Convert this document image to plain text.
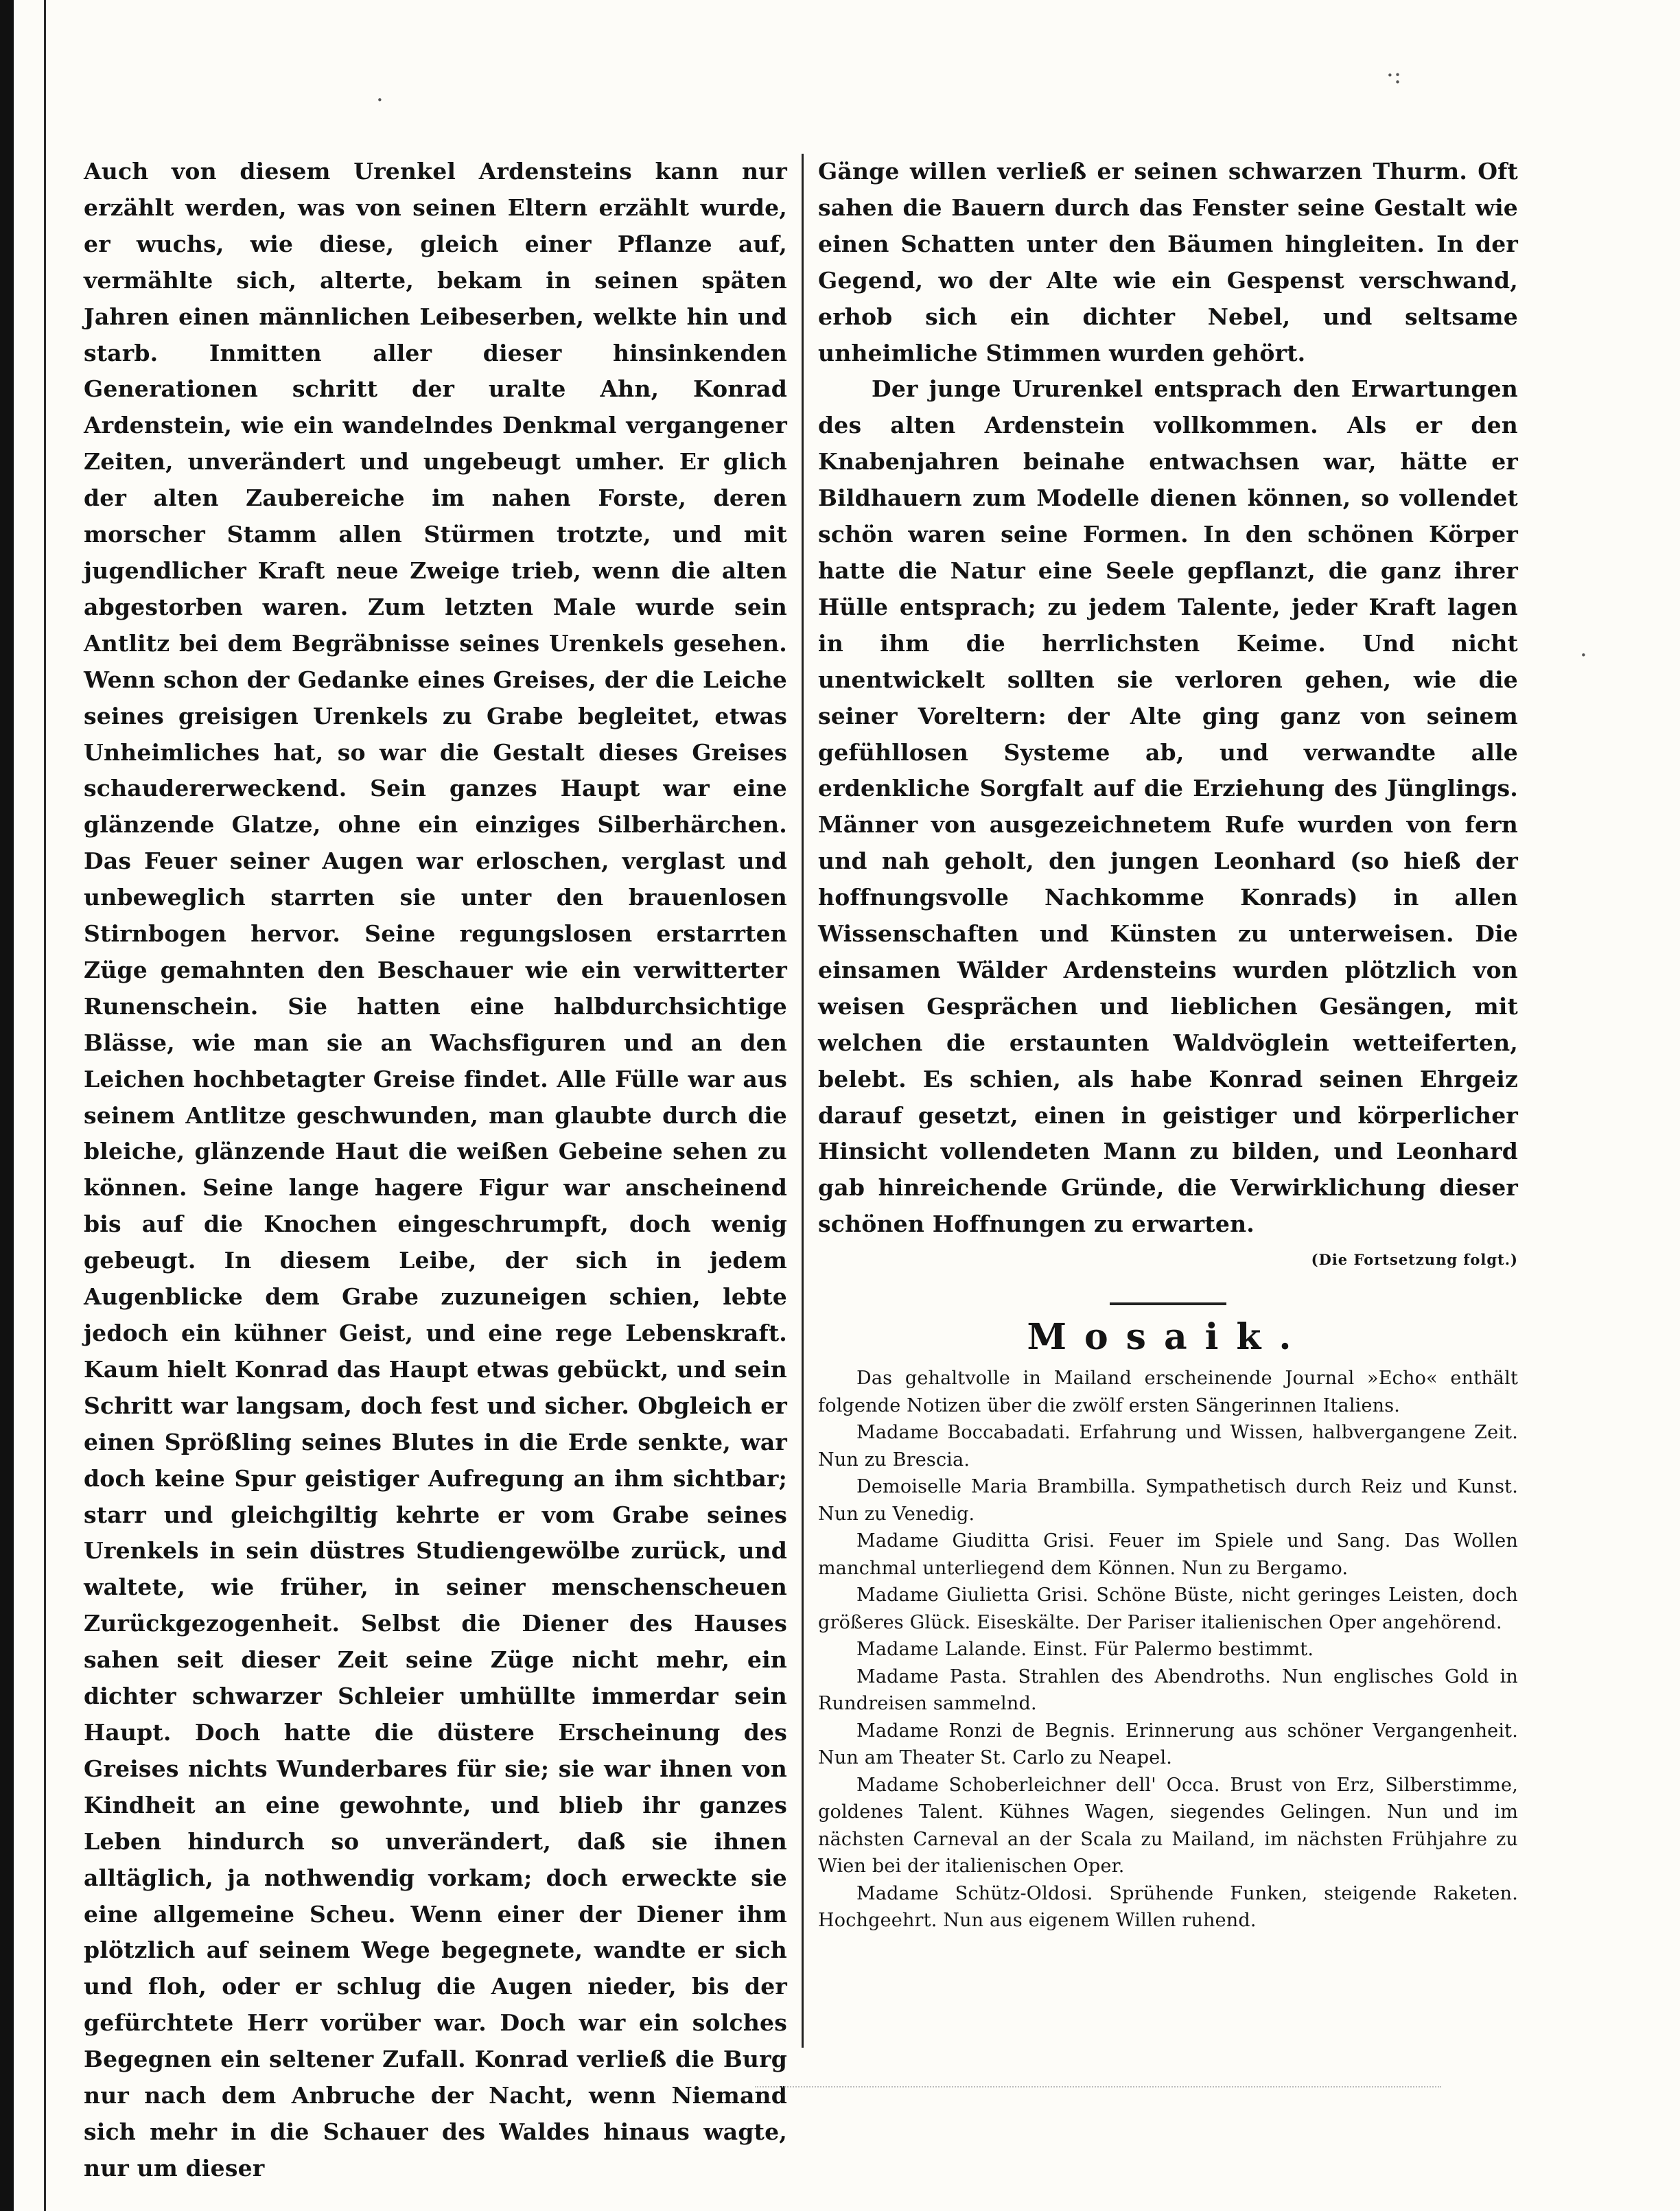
·
·:
·

Auch von diesem Urenkel Ardensteins kann nur erzählt werden, was von seinen Eltern erzählt wurde, er wuchs, wie diese, gleich einer Pflanze auf, vermählte sich, alterte, bekam in seinen späten Jahren einen männlichen Leibeserben, welkte hin und starb. Inmitten aller dieser hinsinkenden Generationen schritt der uralte Ahn, Konrad Ardenstein, wie ein wandelndes Denkmal vergangener Zeiten, unverändert und ungebeugt umher. Er glich der alten Zaubereiche im nahen Forste, deren morscher Stamm allen Stürmen trotzte, und mit jugendlicher Kraft neue Zweige trieb, wenn die alten abgestorben waren. Zum letzten Male wurde sein Antlitz bei dem Begräbnisse seines Urenkels gesehen. Wenn schon der Gedanke eines Greises, der die Leiche seines greisigen Urenkels zu Grabe begleitet, etwas Unheimliches hat, so war die Gestalt dieses Greises schaudererweckend. Sein ganzes Haupt war eine glänzende Glatze, ohne ein einziges Silberhärchen. Das Feuer seiner Augen war erloschen, verglast und unbeweglich starrten sie unter den brauenlosen Stirnbogen hervor. Seine regungslosen erstarrten Züge gemahnten den Beschauer wie ein verwitterter Runenschein. Sie hatten eine halbdurchsichtige Blässe, wie man sie an Wachsfiguren und an den Leichen hochbetagter Greise findet. Alle Fülle war aus seinem Antlitze geschwunden, man glaubte durch die bleiche, glänzende Haut die weißen Gebeine sehen zu können. Seine lange hagere Figur war anscheinend bis auf die Knochen eingeschrumpft, doch wenig gebeugt. In diesem Leibe, der sich in jedem Augenblicke dem Grabe zuzuneigen schien, lebte jedoch ein kühner Geist, und eine rege Lebenskraft. Kaum hielt Konrad das Haupt etwas gebückt, und sein Schritt war langsam, doch fest und sicher. Obgleich er einen Sprößling seines Blutes in die Erde senkte, war doch keine Spur geistiger Aufregung an ihm sichtbar; starr und gleichgiltig kehrte er vom Grabe seines Urenkels in sein düstres Studiengewölbe zurück, und waltete, wie früher, in seiner menschenscheuen Zurückgezogenheit. Selbst die Diener des Hauses sahen seit dieser Zeit seine Züge nicht mehr, ein dichter schwarzer Schleier umhüllte immerdar sein Haupt. Doch hatte die düstere Erscheinung des Greises nichts Wunderbares für sie; sie war ihnen von Kindheit an eine gewohnte, und blieb ihr ganzes Leben hindurch so unverändert, daß sie ihnen alltäglich, ja nothwendig vorkam; doch erweckte sie eine allgemeine Scheu. Wenn einer der Diener ihm plötzlich auf seinem Wege begegnete, wandte er sich und floh, oder er schlug die Augen nieder, bis der gefürchtete Herr vorüber war. Doch war ein solches Begegnen ein seltener Zufall. Konrad verließ die Burg nur nach dem Anbruche der Nacht, wenn Niemand sich mehr in die Schauer des Waldes hinaus wagte, nur um dieser

Gänge willen verließ er seinen schwarzen Thurm. Oft sahen die Bauern durch das Fenster seine Gestalt wie einen Schatten unter den Bäumen hingleiten. In der Gegend, wo der Alte wie ein Gespenst verschwand, erhob sich ein dichter Nebel, und seltsame unheimliche Stimmen wurden gehört.

Der junge Ururenkel entsprach den Erwartungen des alten Ardenstein vollkommen. Als er den Knabenjahren beinahe entwachsen war, hätte er Bildhauern zum Modelle dienen können, so vollendet schön waren seine Formen. In den schönen Körper hatte die Natur eine Seele gepflanzt, die ganz ihrer Hülle entsprach; zu jedem Talente, jeder Kraft lagen in ihm die herrlichsten Keime. Und nicht unentwickelt sollten sie verloren gehen, wie die seiner Voreltern: der Alte ging ganz von seinem gefühllosen Systeme ab, und verwandte alle erdenkliche Sorgfalt auf die Erziehung des Jünglings. Männer von ausgezeichnetem Rufe wurden von fern und nah geholt, den jungen Leonhard (so hieß der hoffnungsvolle Nachkomme Konrads) in allen Wissenschaften und Künsten zu unterweisen. Die einsamen Wälder Ardensteins wurden plötzlich von weisen Gesprächen und lieblichen Gesängen, mit welchen die erstaunten Waldvöglein wetteiferten, belebt. Es schien, als habe Konrad seinen Ehrgeiz darauf gesetzt, einen in geistiger und körperlicher Hinsicht vollendeten Mann zu bilden, und Leonhard gab hinreichende Gründe, die Verwirklichung dieser schönen Hoffnungen zu erwarten.

(Die Fortsetzung folgt.)

Mosaik.

Das gehaltvolle in Mailand erscheinende Journal »Echo« enthält folgende Notizen über die zwölf ersten Sängerinnen Italiens.

Madame Boccabadati. Erfahrung und Wissen, halbvergangene Zeit. Nun zu Brescia.

Demoiselle Maria Brambilla. Sympathetisch durch Reiz und Kunst. Nun zu Venedig.

Madame Giuditta Grisi. Feuer im Spiele und Sang. Das Wollen manchmal unterliegend dem Können. Nun zu Bergamo.

Madame Giulietta Grisi. Schöne Büste, nicht geringes Leisten, doch größeres Glück. Eiseskälte. Der Pariser italienischen Oper angehörend.

Madame Lalande. Einst. Für Palermo bestimmt.

Madame Pasta. Strahlen des Abendroths. Nun englisches Gold in Rundreisen sammelnd.

Madame Ronzi de Begnis. Erinnerung aus schöner Vergangenheit. Nun am Theater St. Carlo zu Neapel.

Madame Schoberleichner dell' Occa. Brust von Erz, Silberstimme, goldenes Talent. Kühnes Wagen, siegendes Gelingen. Nun und im nächsten Carneval an der Scala zu Mailand, im nächsten Frühjahre zu Wien bei der italienischen Oper.

Madame Schütz-Oldosi. Sprühende Funken, steigende Raketen. Hochgeehrt. Nun aus eigenem Willen ruhend.
